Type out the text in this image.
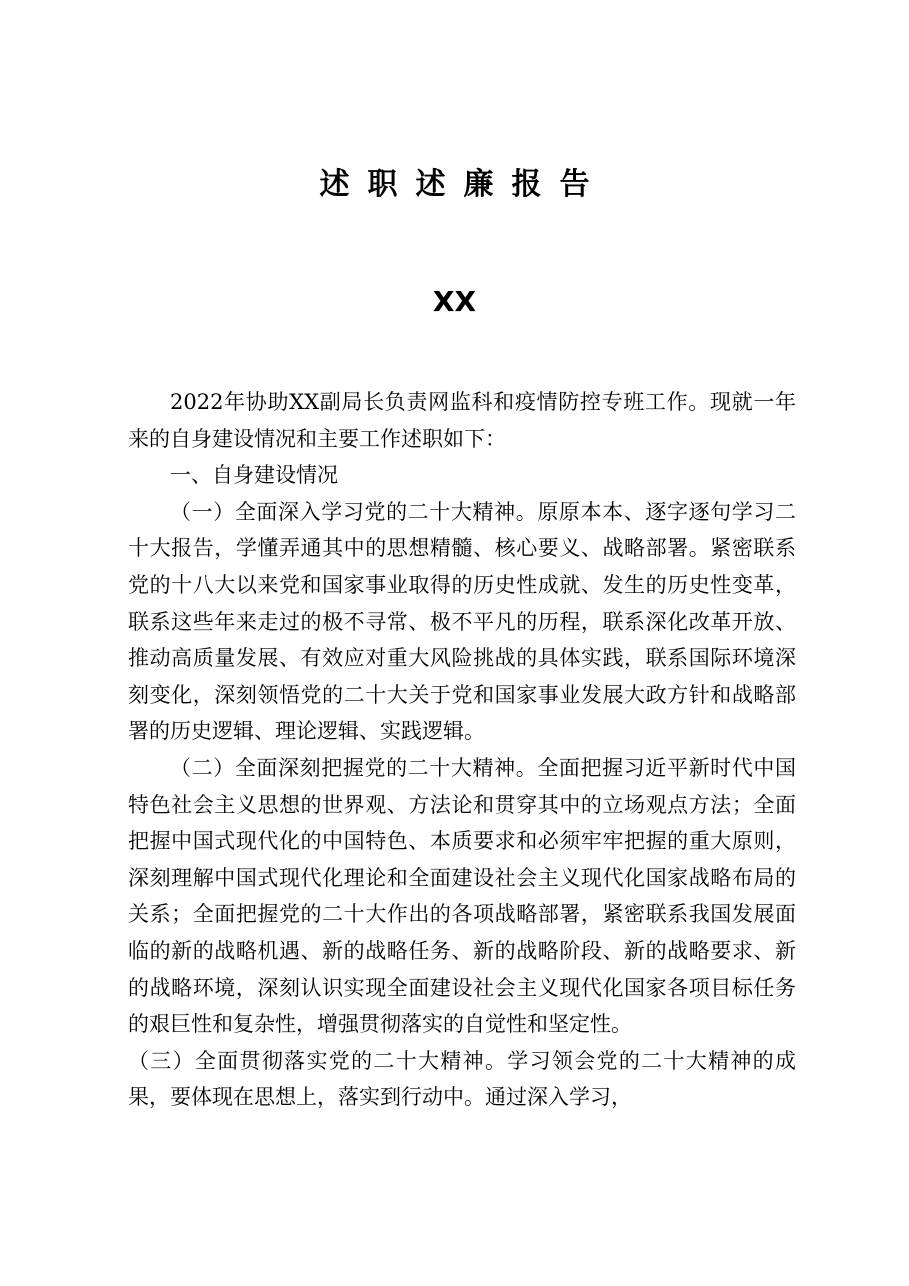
述职述廉报告
XX

2022年协助XX副局长负责网监科和疫情防控专班工作。现就一年来的自身建设情况和主要工作述职如下：

一、自身建设情况

（一）全面深入学习党的二十大精神。原原本本、逐字逐句学习二十大报告，学懂弄通其中的思想精髓、核心要义、战略部署。紧密联系党的十八大以来党和国家事业取得的历史性成就、发生的历史性变革，联系这些年来走过的极不寻常、极不平凡的历程，联系深化改革开放、推动高质量发展、有效应对重大风险挑战的具体实践，联系国际环境深刻变化，深刻领悟党的二十大关于党和国家事业发展大政方针和战略部署的历史逻辑、理论逻辑、实践逻辑。

（二）全面深刻把握党的二十大精神。全面把握习近平新时代中国特色社会主义思想的世界观、方法论和贯穿其中的立场观点方法；全面把握中国式现代化的中国特色、本质要求和必须牢牢把握的重大原则，深刻理解中国式现代化理论和全面建设社会主义现代化国家战略布局的关系；全面把握党的二十大作出的各项战略部署，紧密联系我国发展面临的新的战略机遇、新的战略任务、新的战略阶段、新的战略要求、新的战略环境，深刻认识实现全面建设社会主义现代化国家各项目标任务的艰巨性和复杂性，增强贯彻落实的自觉性和坚定性。

（三）全面贯彻落实党的二十大精神。学习领会党的二十大精神的成果，要体现在思想上，落实到行动中。通过深入学习，
